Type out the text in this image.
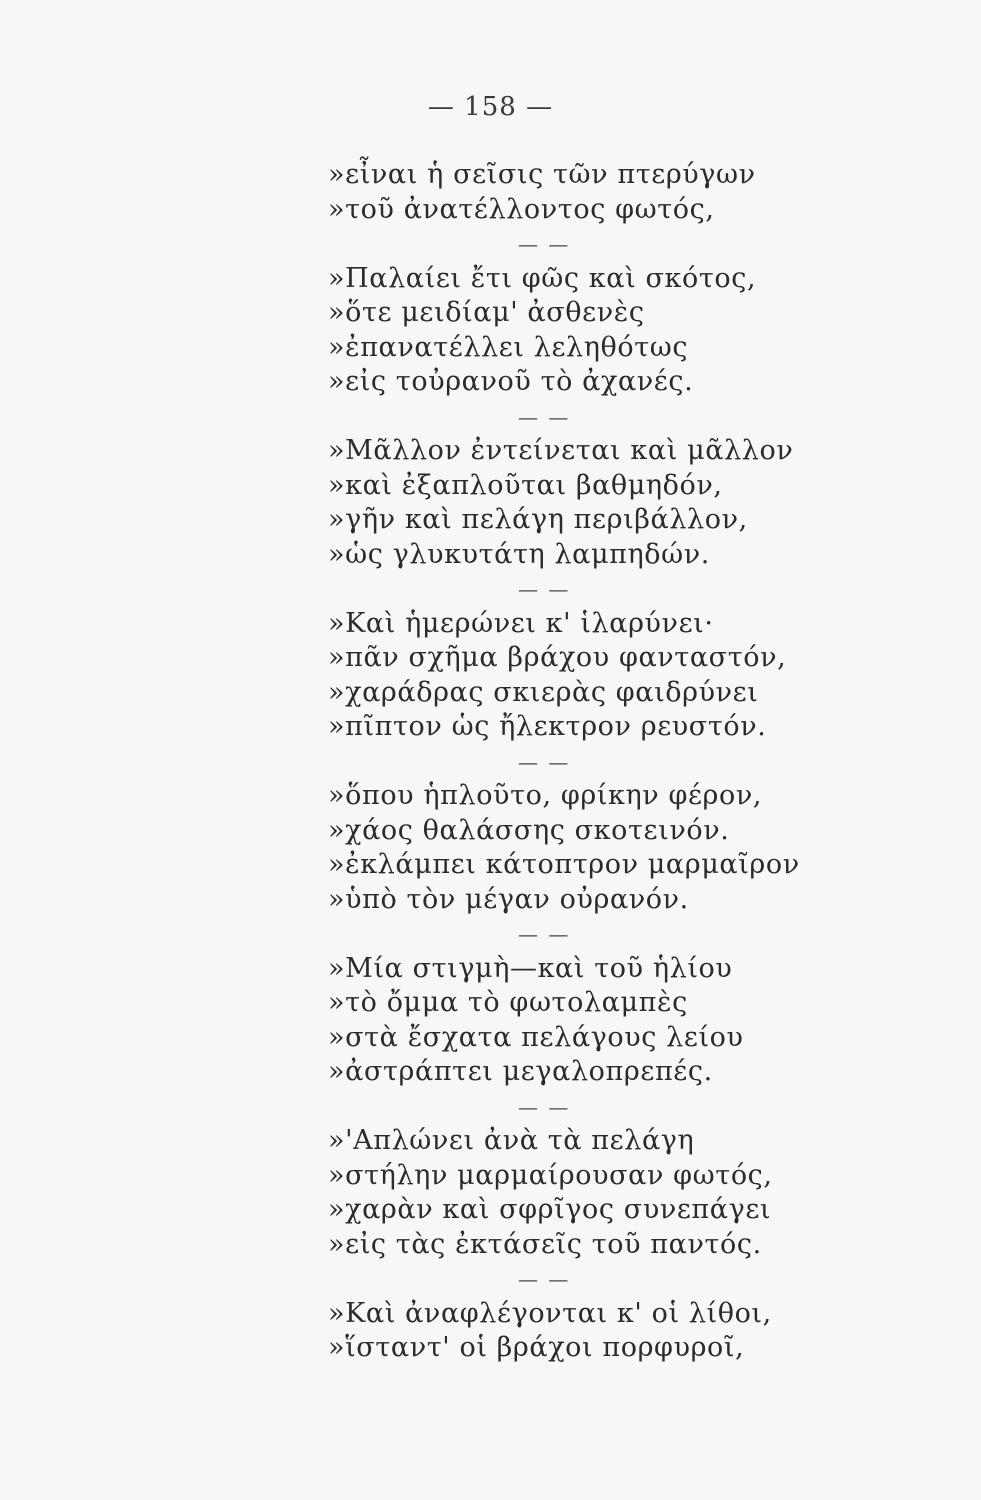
— 158 —
»εἶναι ἡ σεῖσις τῶν πτερύγων
»τοῦ ἀνατέλλοντος φωτός,
— —
»Παλαίει ἔτι φῶς καὶ σκότος,
»ὅτε μειδίαμ' ἀσθενὲς
»ἐπανατέλλει λεληθότως
»εἰς τοὐρανοῦ τὸ ἀχανές.
— —
»Μᾶλλον ἐντείνεται καὶ μᾶλλον
»καὶ ἐξαπλοῦται βαθμηδόν,
»γῆν καὶ πελάγη περιβάλλον,
»ὡς γλυκυτάτη λαμπηδών.
— —
»Καὶ ἡμερώνει κ' ἱλαρύνει·
»πᾶν σχῆμα βράχου φανταστόν,
»χαράδρας σκιερὰς φαιδρύνει
»πῖπτον ὡς ἤλεκτρον ρευστόν.
— —
»ὅπου ἡπλοῦτο, φρίκην φέρον,
»χάος θαλάσσης σκοτεινόν.
»ἐκλάμπει κάτοπτρον μαρμαῖρον
»ὑπὸ τὸν μέγαν οὐρανόν.
— —
»Μία στιγμὴ—καὶ τοῦ ἡλίου
»τὸ ὄμμα τὸ φωτολαμπὲς
»στὰ ἔσχατα πελάγους λείου
»ἀστράπτει μεγαλοπρεπές.
— —
»'Απλώνει ἀνὰ τὰ πελάγη
»στήλην μαρμαίρουσαν φωτός,
»χαρὰν καὶ σφρῖγος συνεπάγει
»εἰς τὰς ἐκτάσεῖς τοῦ παντός.
— —
»Καὶ ἀναφλέγονται κ' οἱ λίθοι,
»ἵσταντ' οἱ βράχοι πορφυροῖ,
